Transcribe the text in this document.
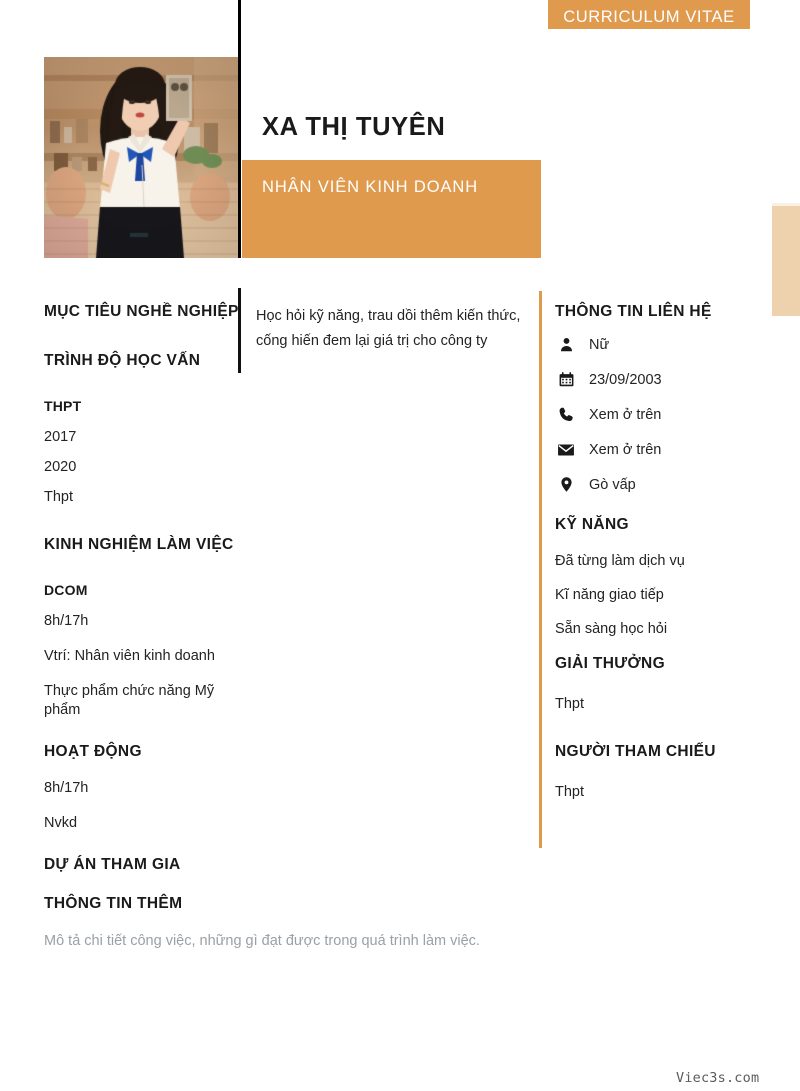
CURRICULUM VITAE
XA THỊ TUYÊN
NHÂN VIÊN KINH DOANH
Học hỏi kỹ năng, trau dồi thêm kiến thức, cống hiến đem lại giá trị cho công ty
MỤC TIÊU NGHỀ NGHIỆP
TRÌNH ĐỘ HỌC VẤN
THPT
2017
2020
Thpt
KINH NGHIỆM LÀM VIỆC
DCOM
8h/17h
Vtrí: Nhân viên kinh doanh
Thực phẩm chức năng Mỹ phẩm
HOẠT ĐỘNG
8h/17h
Nvkd
DỰ ÁN THAM GIA
THÔNG TIN THÊM
Mô tả chi tiết công việc, những gì đạt được trong quá trình làm việc.
THÔNG TIN LIÊN HỆ
Nữ
23/09/2003
Xem ở trên
Xem ở trên
Gò vấp
KỸ NĂNG
Đã từng làm dịch vụ
Kĩ năng giao tiếp
Sẵn sàng học hỏi
GIẢI THƯỞNG
Thpt
NGƯỜI THAM CHIẾU
Thpt
Viec3s.com
